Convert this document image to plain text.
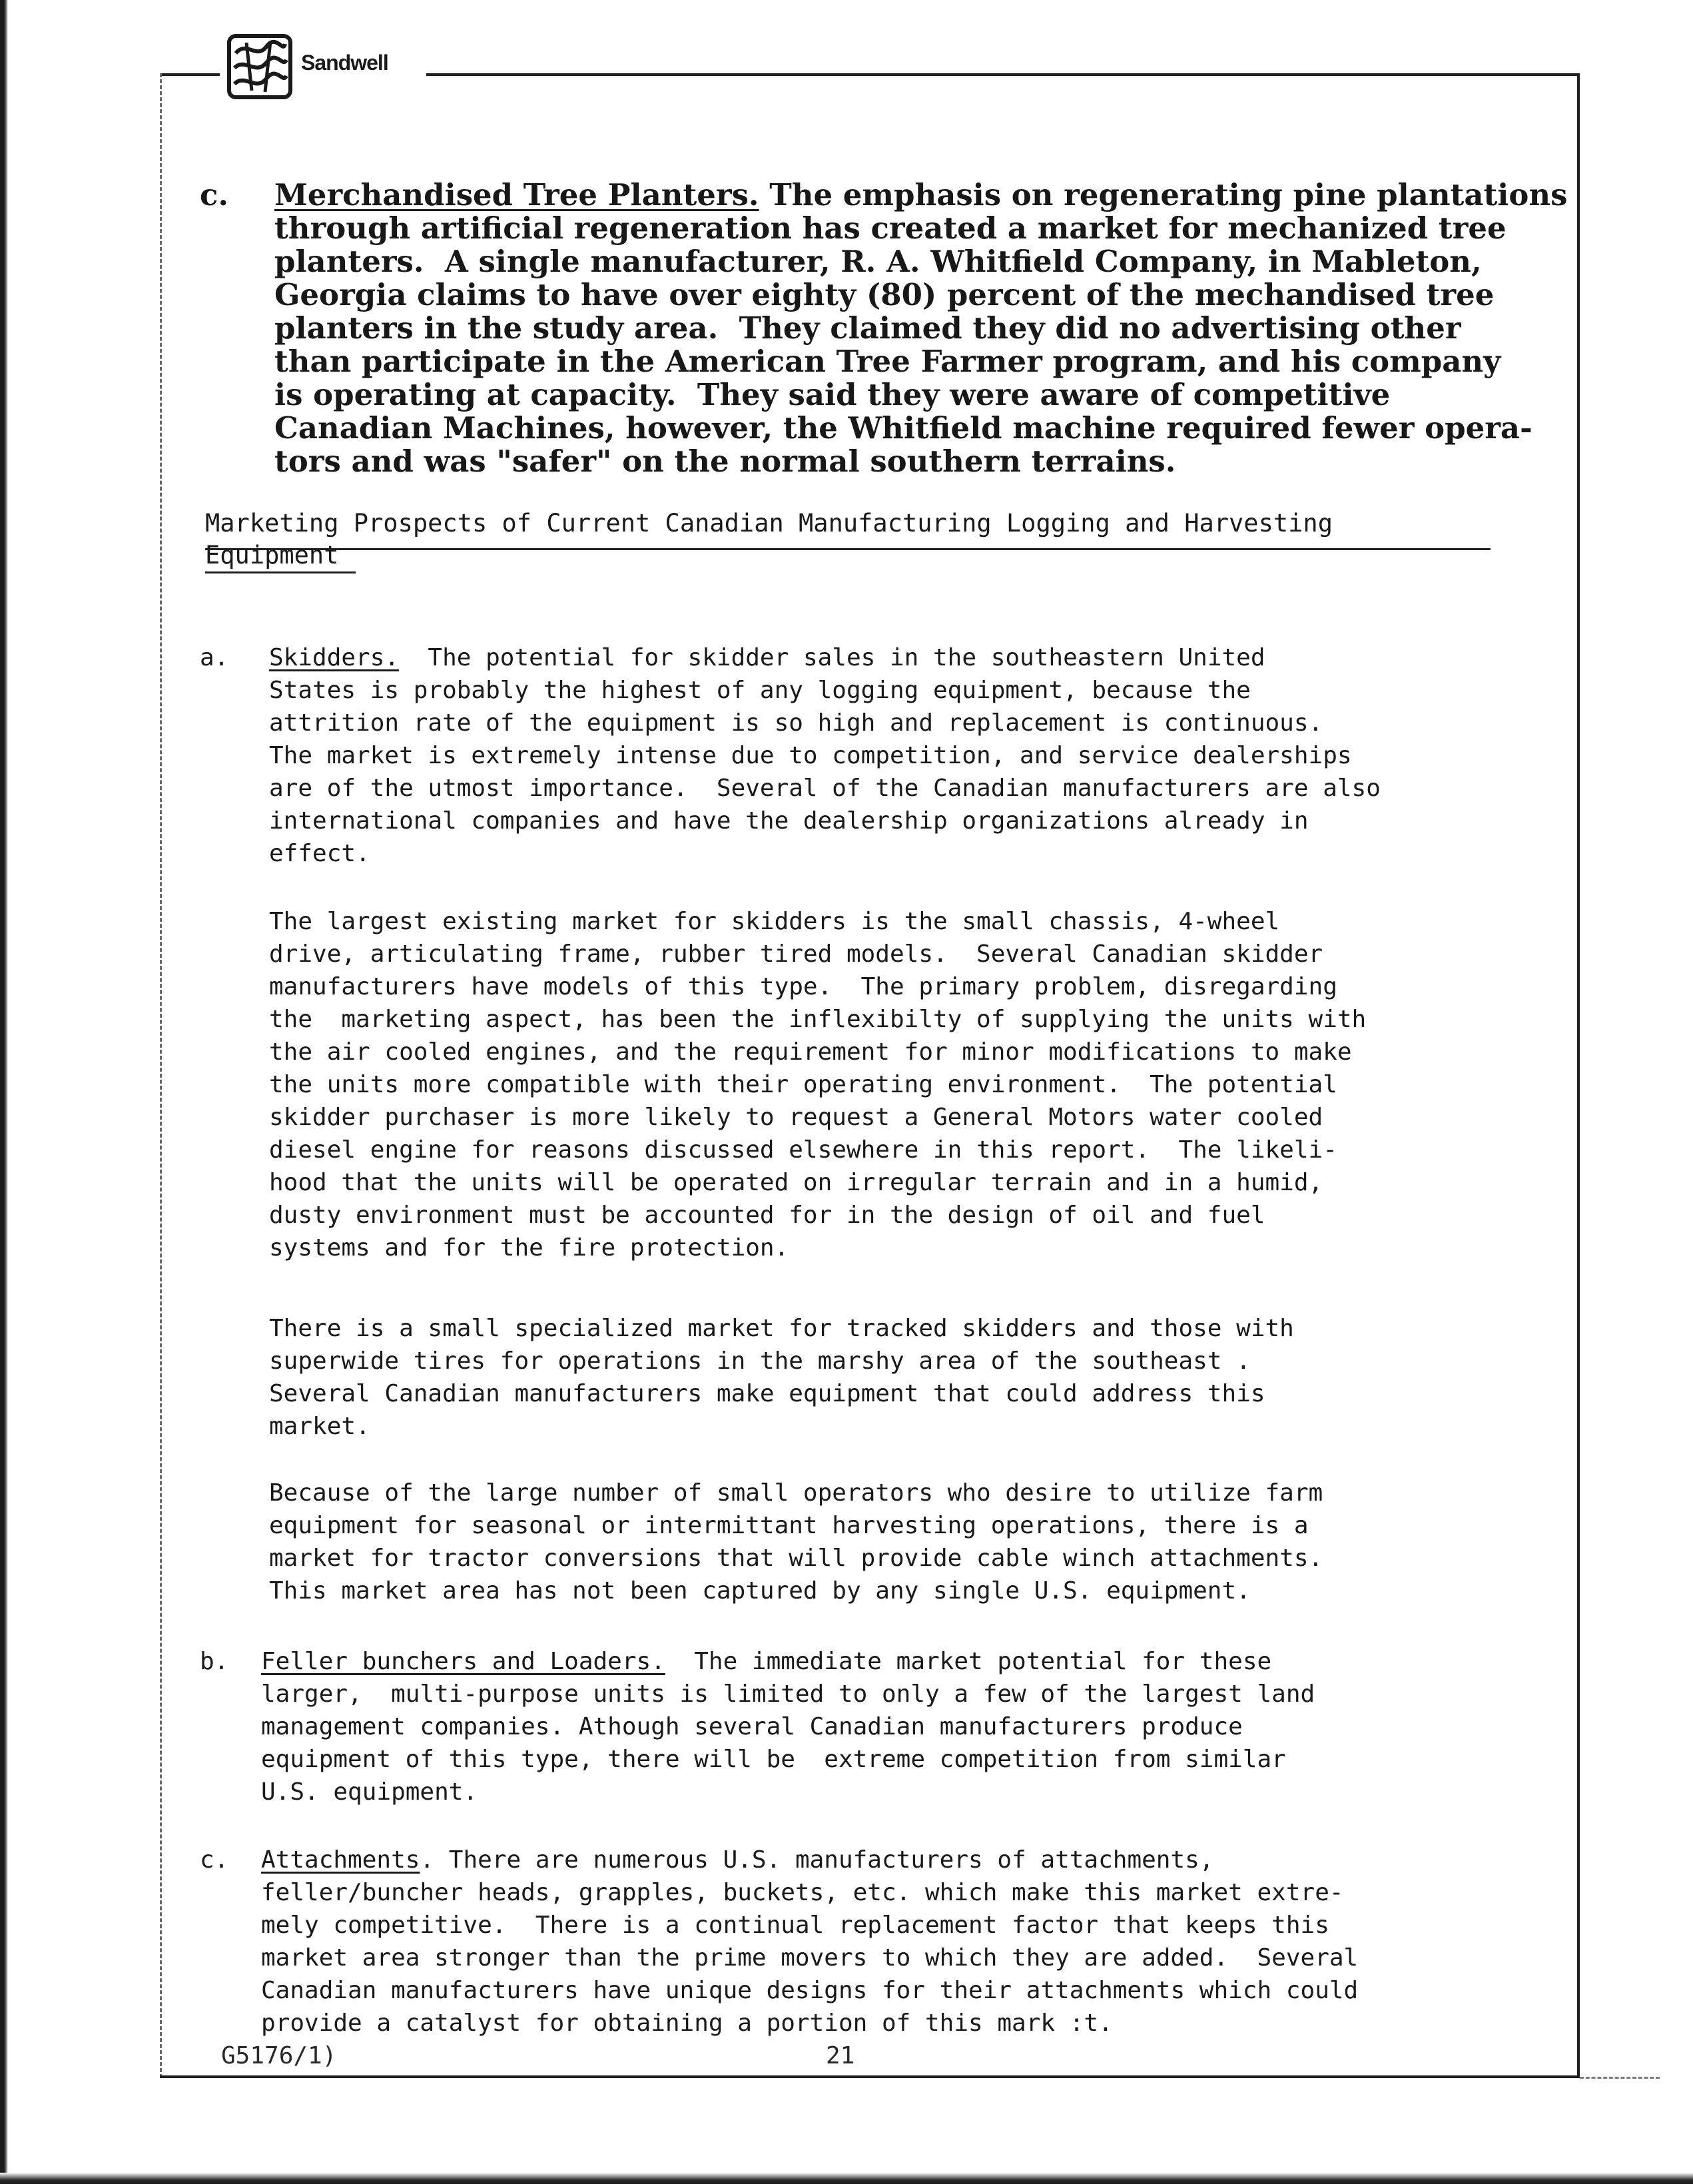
Sandwell
c.	Merchandised Tree Planters. The emphasis on regenerating pine plantations
through artificial regeneration has created a market for mechanized tree
planters.  A single manufacturer, R. A. Whitfield Company, in Mableton,
Georgia claims to have over eighty (80) percent of the mechandised tree
planters in the study area.  They claimed they did no advertising other
than participate in the American Tree Farmer program, and his company
is operating at capacity.  They said they were aware of competitive
Canadian Machines, however, the Whitfield machine required fewer opera-
tors and was "safer" on the normal southern terrains.
Marketing Prospects of Current Canadian Manufacturing Logging and Harvesting
Equipment
a. Skidders.  The potential for skidder sales in the southeastern United
States is probably the highest of any logging equipment, because the
attrition rate of the equipment is so high and replacement is continuous.
The market is extremely intense due to competition, and service dealerships
are of the utmost importance.  Several of the Canadian manufacturers are also
international companies and have the dealership organizations already in
effect.
The largest existing market for skidders is the small chassis, 4-wheel
drive, articulating frame, rubber tired models.  Several Canadian skidder
manufacturers have models of this type.  The primary problem, disregarding
the  marketing aspect, has been the inflexibilty of supplying the units with
the air cooled engines, and the requirement for minor modifications to make
the units more compatible with their operating environment.  The potential
skidder purchaser is more likely to request a General Motors water cooled
diesel engine for reasons discussed elsewhere in this report.  The likeli-
hood that the units will be operated on irregular terrain and in a humid,
dusty environment must be accounted for in the design of oil and fuel
systems and for the fire protection.
There is a small specialized market for tracked skidders and those with
superwide tires for operations in the marshy area of the southeast .
Several Canadian manufacturers make equipment that could address this
market.
Because of the large number of small operators who desire to utilize farm
equipment for seasonal or intermittant harvesting operations, there is a
market for tractor conversions that will provide cable winch attachments.
This market area has not been captured by any single U.S. equipment.
b. Feller bunchers and Loaders.  The immediate market potential for these
larger,  multi-purpose units is limited to only a few of the largest land
management companies. Athough several Canadian manufacturers produce
equipment of this type, there will be  extreme competition from similar
U.S. equipment.
c. Attachments. There are numerous U.S. manufacturers of attachments,
feller/buncher heads, grapples, buckets, etc. which make this market extre-
mely competitive.  There is a continual replacement factor that keeps this
market area stronger than the prime movers to which they are added.  Several
Canadian manufacturers have unique designs for their attachments which could
provide a catalyst for obtaining a portion of this mark :t.
G5176/1)	21
